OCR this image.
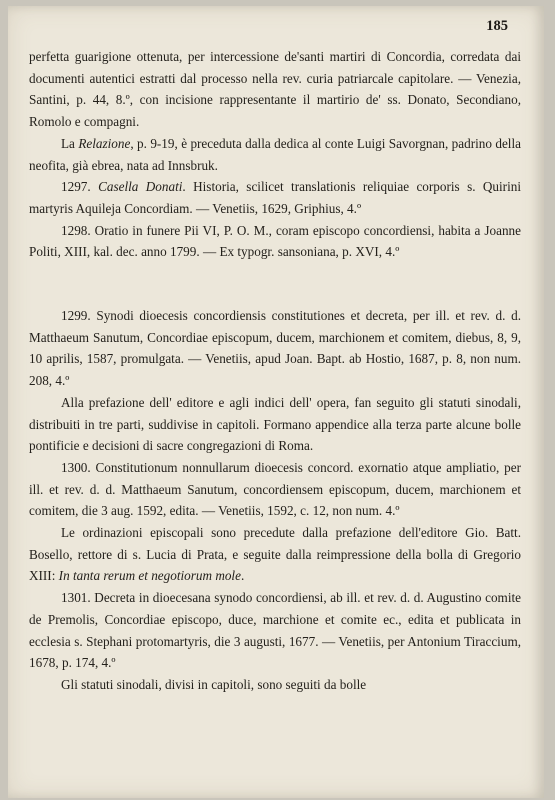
185

perfetta guarigione ottenuta, per intercessione de'santi martiri di Concordia, corredata dai documenti autentici estratti dal processo nella rev. curia patriarcale capitolare. — Venezia, Santini, p. 44, 8.º, con incisione rappresentante il martirio de' ss. Donato, Secondiano, Romolo e compagni.

La Relazione, p. 9-19, è preceduta dalla dedica al conte Luigi Savorgnan, padrino della neofita, già ebrea, nata ad Innsbruk.

1297. Casella Donati. Historia, scilicet translationis reliquiae corporis s. Quirini martyris Aquileja Concordiam. — Venetiis, 1629, Griphius, 4.º

1298. Oratio in funere Pii VI, P. O. M., coram episcopo concordiensi, habita a Joanne Politi, XIII, kal. dec. anno 1799. — Ex typogr. sansoniana, p. XVI, 4.º

1299. Synodi dioecesis concordiensis constitutiones et decreta, per ill. et rev. d. d. Matthaeum Sanutum, Concordiae episcopum, ducem, marchionem et comitem, diebus, 8, 9, 10 aprilis, 1587, promulgata. — Venetiis, apud Joan. Bapt. ab Hostio, 1687, p. 8, non num. 208, 4.º

Alla prefazione dell' editore e agli indici dell' opera, fan seguito gli statuti sinodali, distribuiti in tre parti, suddivise in capitoli. Formano appendice alla terza parte alcune bolle pontificie e decisioni di sacre congregazioni di Roma.

1300. Constitutionum nonnullarum dioecesis concord. exornatio atque ampliatio, per ill. et rev. d. d. Matthaeum Sanutum, concordiensem episcopum, ducem, marchionem et comitem, die 3 aug. 1592, edita. — Venetiis, 1592, c. 12, non num. 4.º

Le ordinazioni episcopali sono precedute dalla prefazione dell'editore Gio. Batt. Bosello, rettore di s. Lucia di Prata, e seguite dalla reimpressione della bolla di Gregorio XIII: In tanta rerum et negotiorum mole.

1301. Decreta in dioecesana synodo concordiensi, ab ill. et rev. d. d. Augustino comite de Premolis, Concordiae episcopo, duce, marchione et comite ec., edita et publicata in ecclesia s. Stephani protomartyris, die 3 augusti, 1677. — Venetiis, per Antonium Tiraccium, 1678, p. 174, 4.º

Gli statuti sinodali, divisi in capitoli, sono seguiti da bolle
